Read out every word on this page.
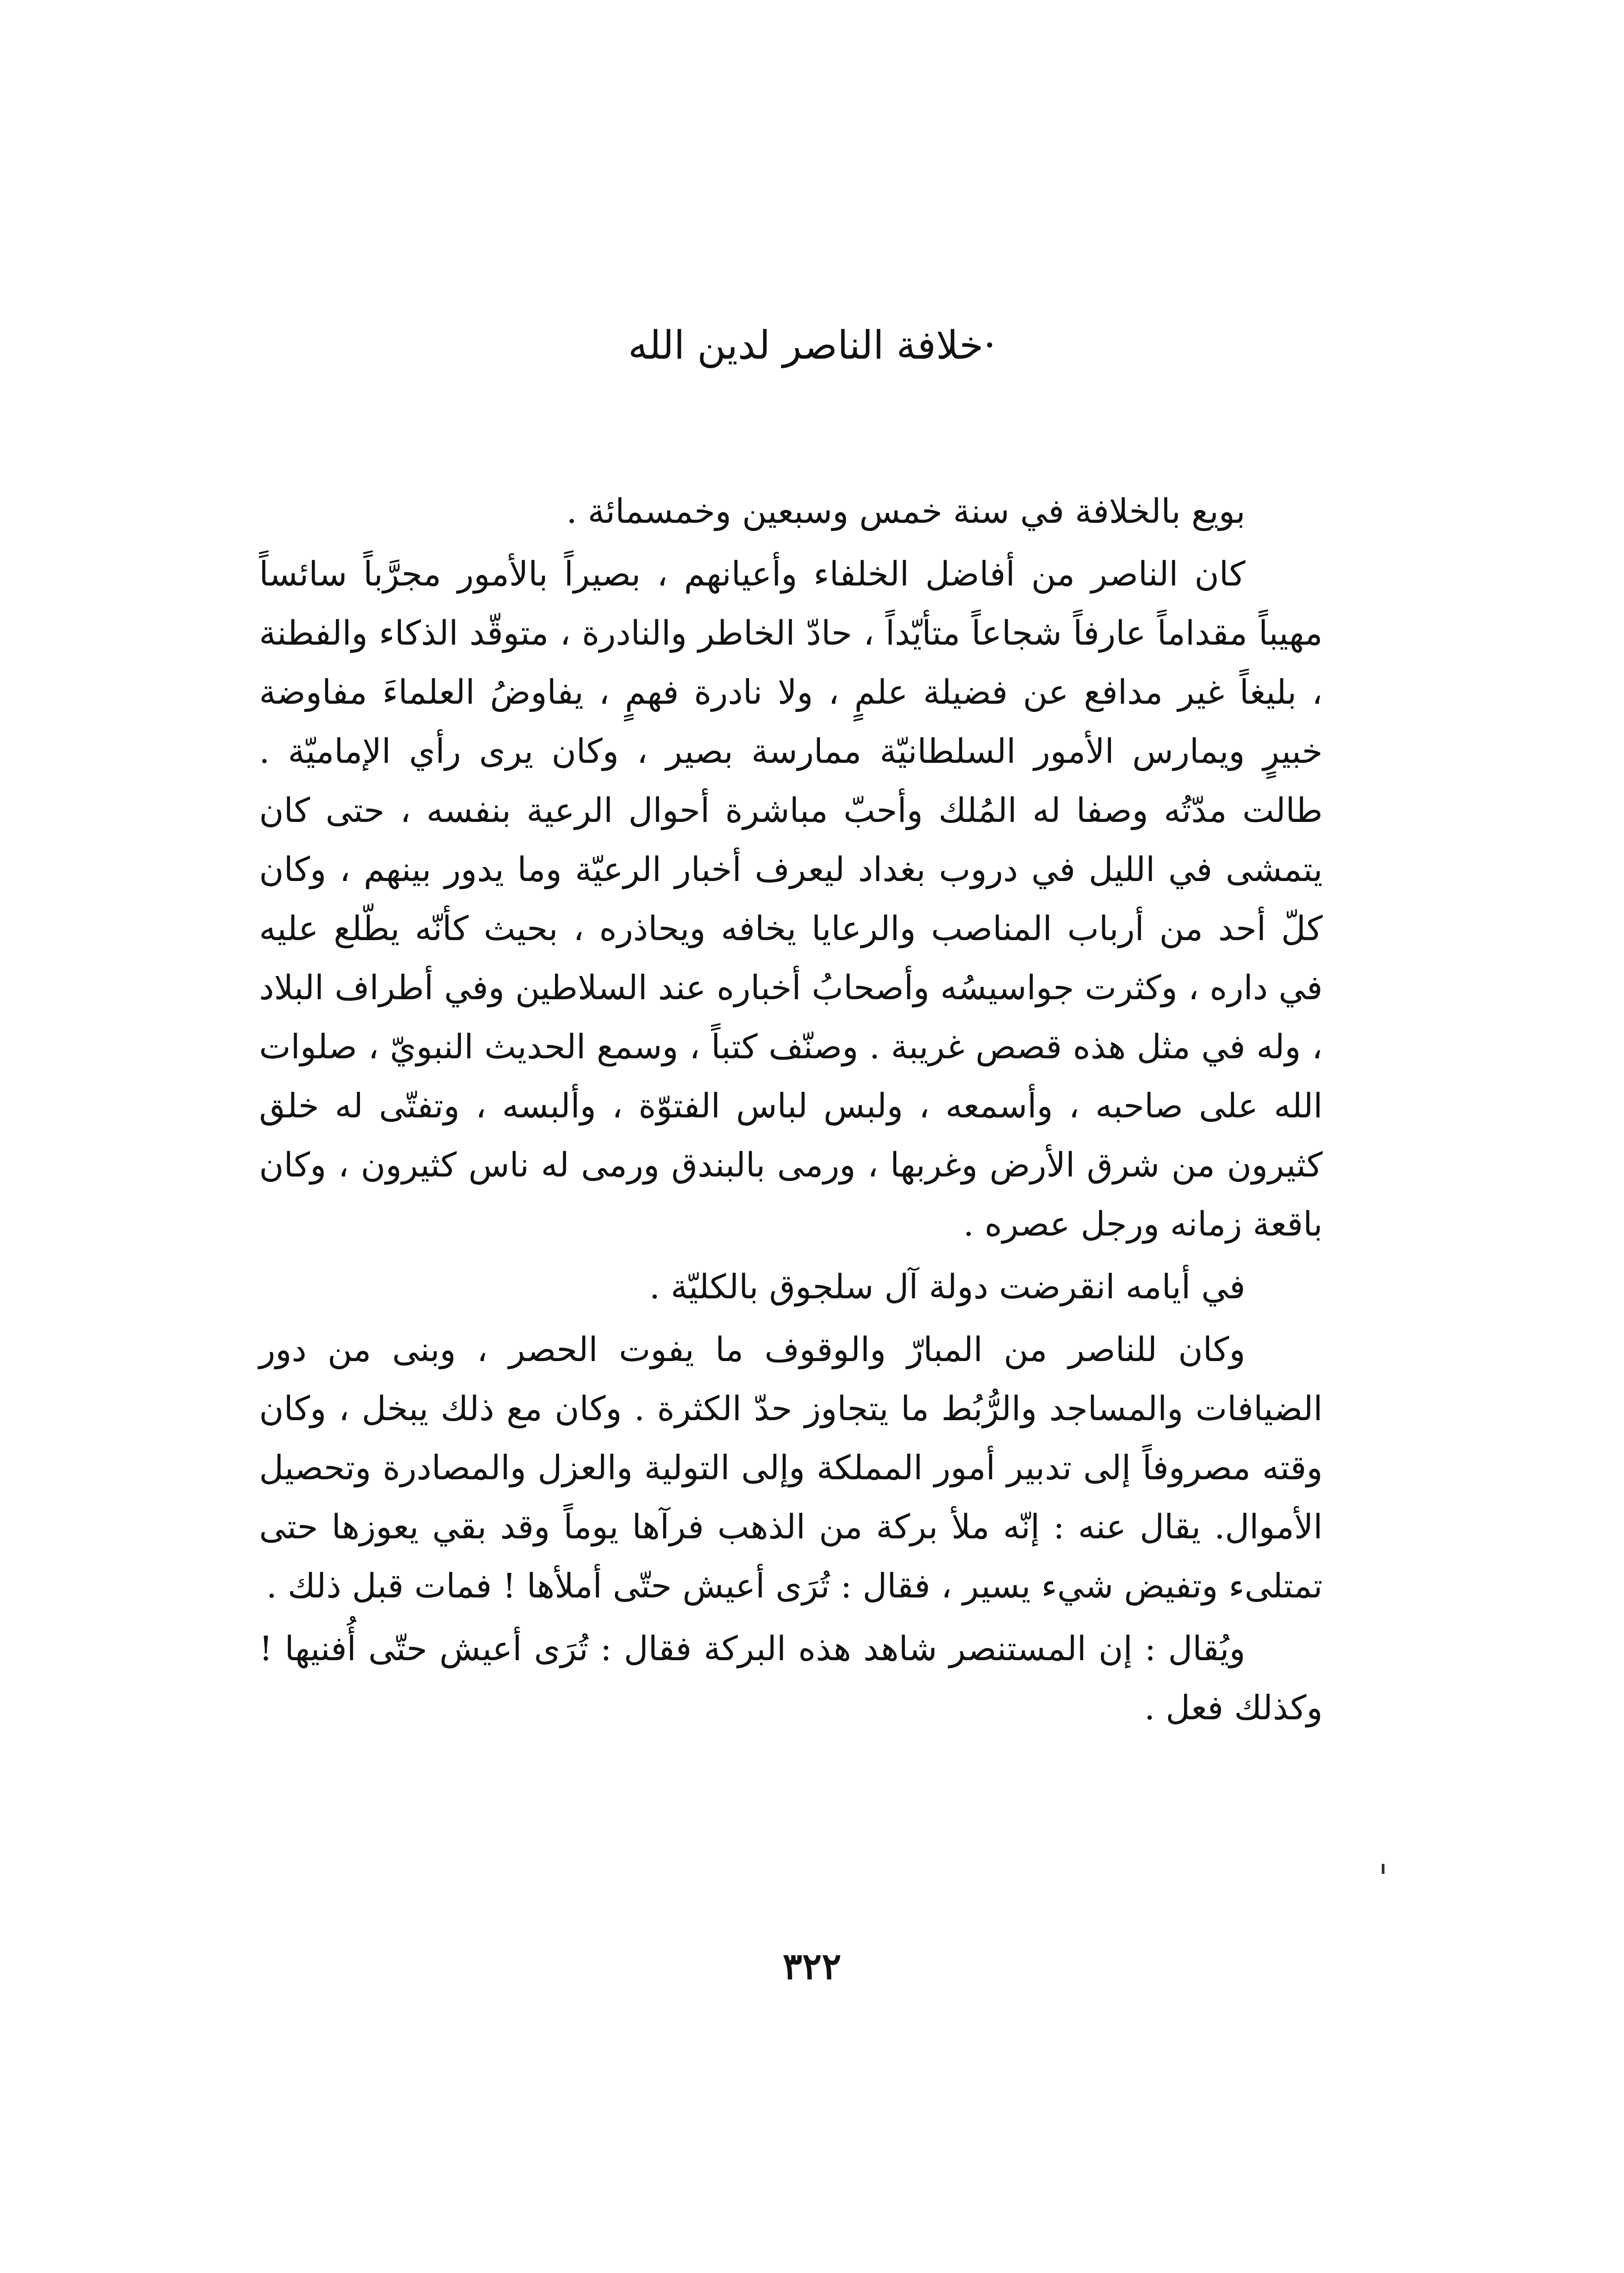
·خلافة الناصر لدين الله

بويع بالخلافة في سنة خمس وسبعين وخمسمائة .

كان الناصر من أفاضل الخلفاء وأعيانهم ، بصيراً بالأمور مجرَّباً سائساً مهيباً مقداماً عارفاً شجاعاً متأيّداً ، حادّ الخاطر والنادرة ، متوقّد الذكاء والفطنة ، بليغاً غير مدافع عن فضيلة علمٍ ، ولا نادرة فهمٍ ، يفاوضُ العلماءَ مفاوضة خبيرٍ ويمارس الأمور السلطانيّة ممارسة بصير ، وكان يرى رأي الإماميّة . طالت مدّتُه وصفا له المُلك وأحبّ مباشرة أحوال الرعية بنفسه ، حتى كان يتمشى في الليل في دروب بغداد ليعرف أخبار الرعيّة وما يدور بينهم ، وكان كلّ أحد من أرباب المناصب والرعايا يخافه ويحاذره ، بحيث كأنّه يطّلع عليه في داره ، وكثرت جواسيسُه وأصحابُ أخباره عند السلاطين وفي أطراف البلاد ، وله في مثل هذه قصص غريبة . وصنّف كتباً ، وسمع الحديث النبويّ ، صلوات الله على صاحبه ، وأسمعه ، ولبس لباس الفتوّة ، وألبسه ، وتفتّى له خلق كثيرون من شرق الأرض وغربها ، ورمى بالبندق ورمى له ناس كثيرون ، وكان باقعة زمانه ورجل عصره .

في أيامه انقرضت دولة آل سلجوق بالكليّة .

وكان للناصر من المبارّ والوقوف ما يفوت الحصر ، وبنى من دور الضيافات والمساجد والرُّبُط ما يتجاوز حدّ الكثرة . وكان مع ذلك يبخل ، وكان وقته مصروفاً إلى تدبير أمور المملكة وإلى التولية والعزل والمصادرة وتحصيل الأموال. يقال عنه : إنّه ملأ بركة من الذهب فرآها يوماً وقد بقي يعوزها حتى تمتلىء وتفيض شيء يسير ، فقال : تُرَى أعيش حتّى أملأها ! فمات قبل ذلك .

ويُقال : إن المستنصر شاهد هذه البركة فقال : تُرَى أعيش حتّى أُفنيها ! وكذلك فعل .

٣٢٢
